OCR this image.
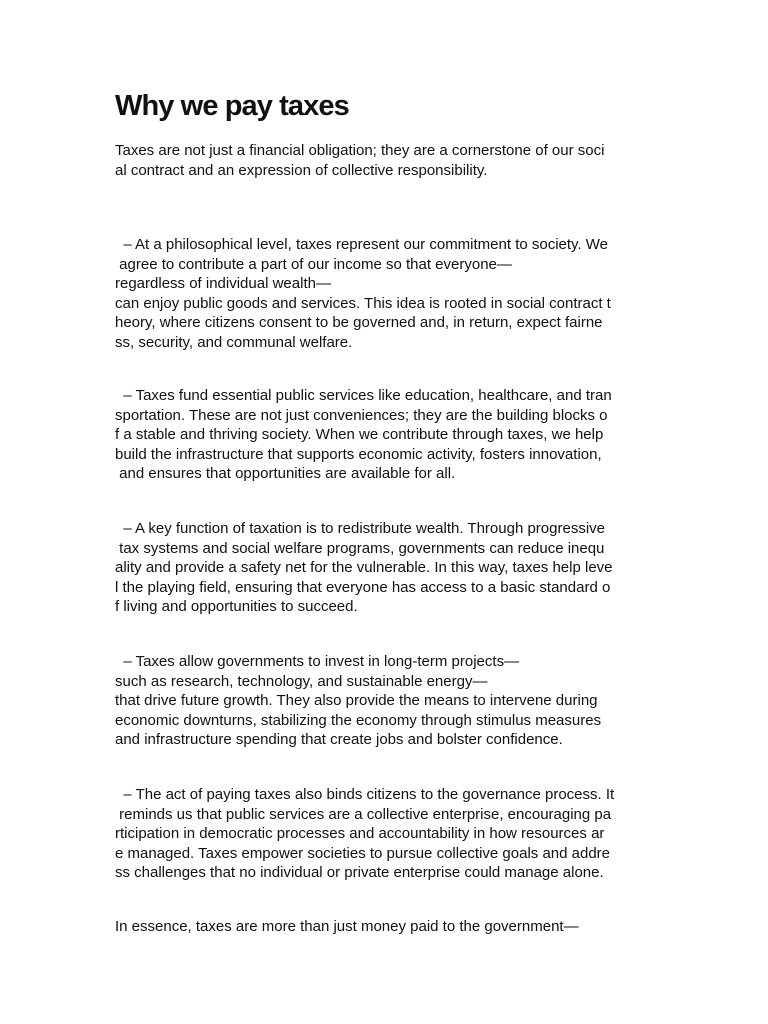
Why we pay taxes

Taxes are not just a financial obligation; they are a cornerstone of our soci
al contract and an expression of collective responsibility.

– At a philosophical level, taxes represent our commitment to society. We
agree to contribute a part of our income so that everyone—
regardless of individual wealth—
can enjoy public goods and services. This idea is rooted in social contract t
heory, where citizens consent to be governed and, in return, expect fairne
ss, security, and communal welfare.

– Taxes fund essential public services like education, healthcare, and tran
sportation. These are not just conveniences; they are the building blocks o
f a stable and thriving society. When we contribute through taxes, we help
build the infrastructure that supports economic activity, fosters innovation,
and ensures that opportunities are available for all.

– A key function of taxation is to redistribute wealth. Through progressive
tax systems and social welfare programs, governments can reduce inequ
ality and provide a safety net for the vulnerable. In this way, taxes help leve
l the playing field, ensuring that everyone has access to a basic standard o
f living and opportunities to succeed.

– Taxes allow governments to invest in long-term projects—
such as research, technology, and sustainable energy—
that drive future growth. They also provide the means to intervene during
economic downturns, stabilizing the economy through stimulus measures
and infrastructure spending that create jobs and bolster confidence.

– The act of paying taxes also binds citizens to the governance process. It
reminds us that public services are a collective enterprise, encouraging pa
rticipation in democratic processes and accountability in how resources ar
e managed. Taxes empower societies to pursue collective goals and addre
ss challenges that no individual or private enterprise could manage alone.

In essence, taxes are more than just money paid to the government—
